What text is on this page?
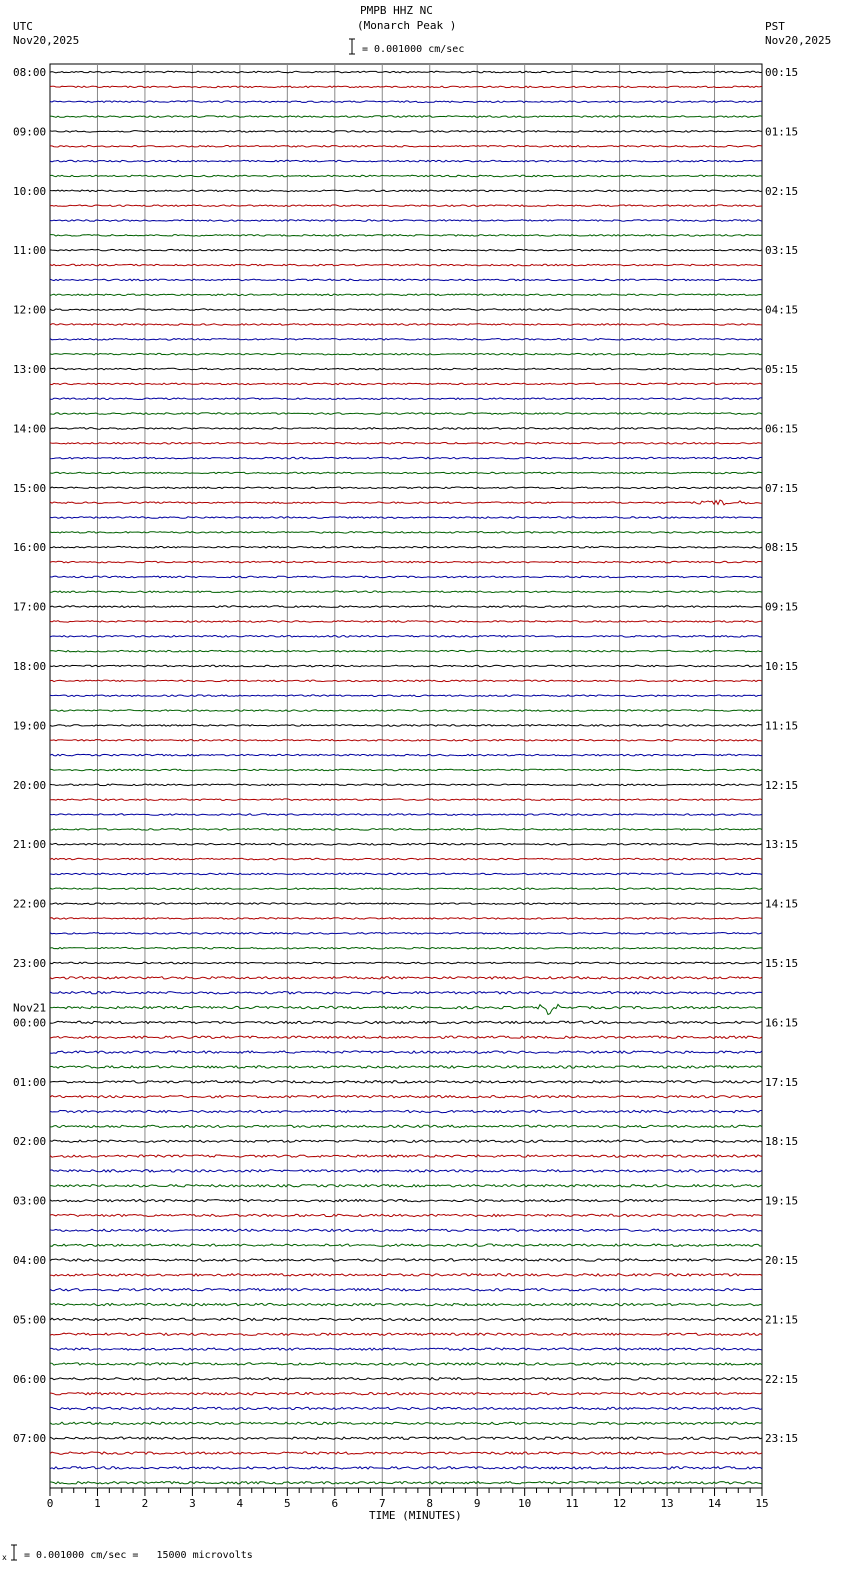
PMPB HHZ NC
(Monarch Peak )
= 0.001000 cm/sec
UTC
Nov20,2025
PST
Nov20,2025
08:00	00:15
09:00	01:15
10:00	02:15
11:00	03:15
12:00	04:15
13:00	05:15
14:00	06:15
15:00	07:15
16:00	08:15
17:00	09:15
18:00	10:15
19:00	11:15
20:00	12:15
21:00	13:15
22:00	14:15
23:00	15:15
00:00	16:15
01:00	17:15
02:00	18:15
03:00	19:15
04:00	20:15
05:00	21:15
06:00	22:15
07:00	23:15
Nov21
0	1	2	3	4	5	6	7	8	9	10	11	12	13	14	15
TIME (MINUTES)
x = 0.001000 cm/sec =   15000 microvolts
